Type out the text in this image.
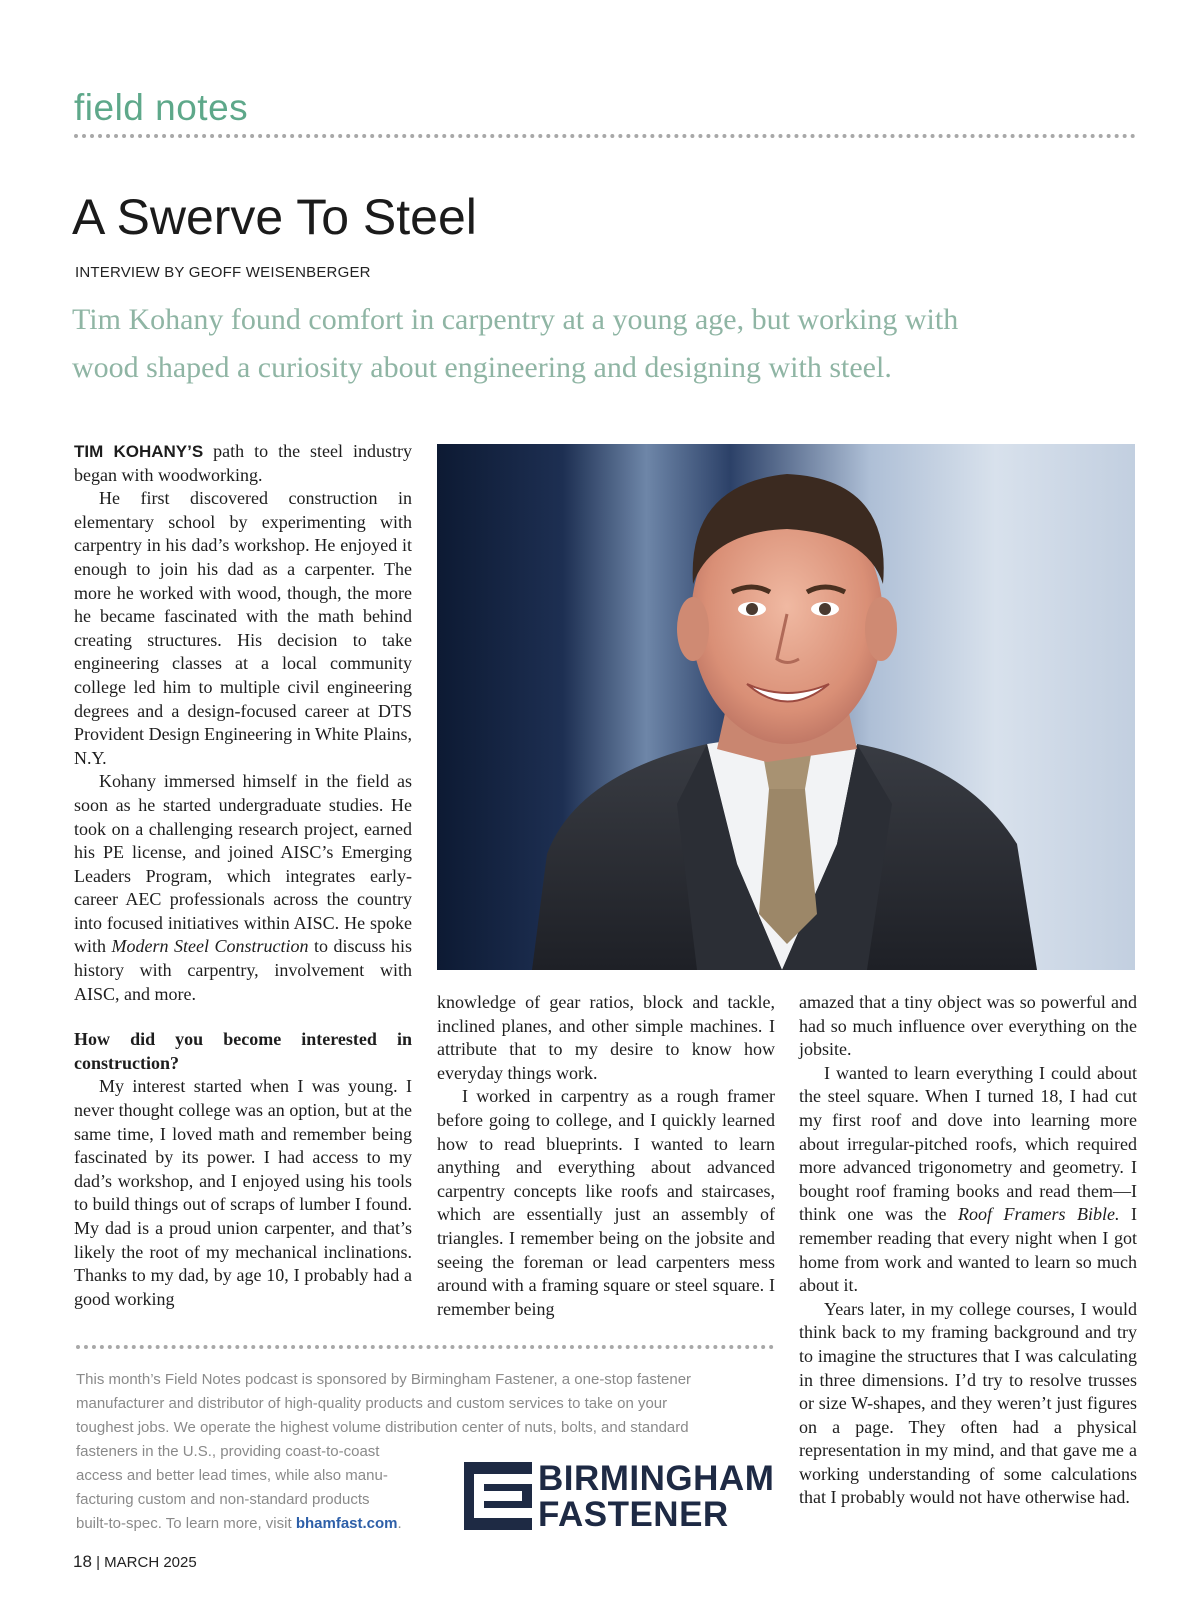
field notes
A Swerve To Steel
INTERVIEW BY GEOFF WEISENBERGER
Tim Kohany found comfort in carpentry at a young age, but working with wood shaped a curiosity about engineering and designing with steel.

TIM KOHANY’S path to the steel industry began with woodworking.

He first discovered construction in elementary school by experimenting with carpentry in his dad’s workshop. He enjoyed it enough to join his dad as a carpenter. The more he worked with wood, though, the more he became fascinated with the math behind creating structures. His decision to take engineering classes at a local community college led him to multiple civil engineering degrees and a design-focused career at DTS Provident Design Engineering in White Plains, N.Y.

Kohany immersed himself in the field as soon as he started undergraduate studies. He took on a challenging research project, earned his PE license, and joined AISC’s Emerging Leaders Program, which integrates early-career AEC professionals across the country into focused initiatives within AISC. He spoke with Modern Steel Construction to discuss his history with carpentry, involvement with AISC, and more.

How did you become interested in construction?

My interest started when I was young. I never thought college was an option, but at the same time, I loved math and remember being fascinated by its power. I had access to my dad’s workshop, and I enjoyed using his tools to build things out of scraps of lumber I found. My dad is a proud union carpenter, and that’s likely the root of my mechanical inclinations. Thanks to my dad, by age 10, I probably had a good working

knowledge of gear ratios, block and tackle, inclined planes, and other simple machines. I attribute that to my desire to know how everyday things work.

I worked in carpentry as a rough framer before going to college, and I quickly learned how to read blueprints. I wanted to learn anything and everything about advanced carpentry concepts like roofs and staircases, which are essentially just an assembly of triangles. I remember being on the jobsite and seeing the foreman or lead carpenters mess around with a framing square or steel square. I remember being

amazed that a tiny object was so powerful and had so much influence over everything on the jobsite.

I wanted to learn everything I could about the steel square. When I turned 18, I had cut my first roof and dove into learning more about irregular-pitched roofs, which required more advanced trigonometry and geometry. I bought roof framing books and read them—I think one was the Roof Framers Bible. I remember reading that every night when I got home from work and wanted to learn so much about it.

Years later, in my college courses, I would think back to my framing background and try to imagine the structures that I was calculating in three dimensions. I’d try to resolve trusses or size W-shapes, and they weren’t just figures on a page. They often had a physical representation in my mind, and that gave me a working understanding of some calculations that I probably would not have otherwise had.

This month’s Field Notes podcast is sponsored by Birmingham Fastener, a one-stop fastener
manufacturer and distributor of high-quality products and custom services to take on your
toughest jobs. We operate the highest volume distribution center of nuts, bolts, and standard
fasteners in the U.S., providing coast-to-coast
access and better lead times, while also manu-
facturing custom and non-standard products
built-to-spec. To learn more, visit bhamfast.com.
BIRMINGHAM
FASTENER
18 | MARCH 2025
